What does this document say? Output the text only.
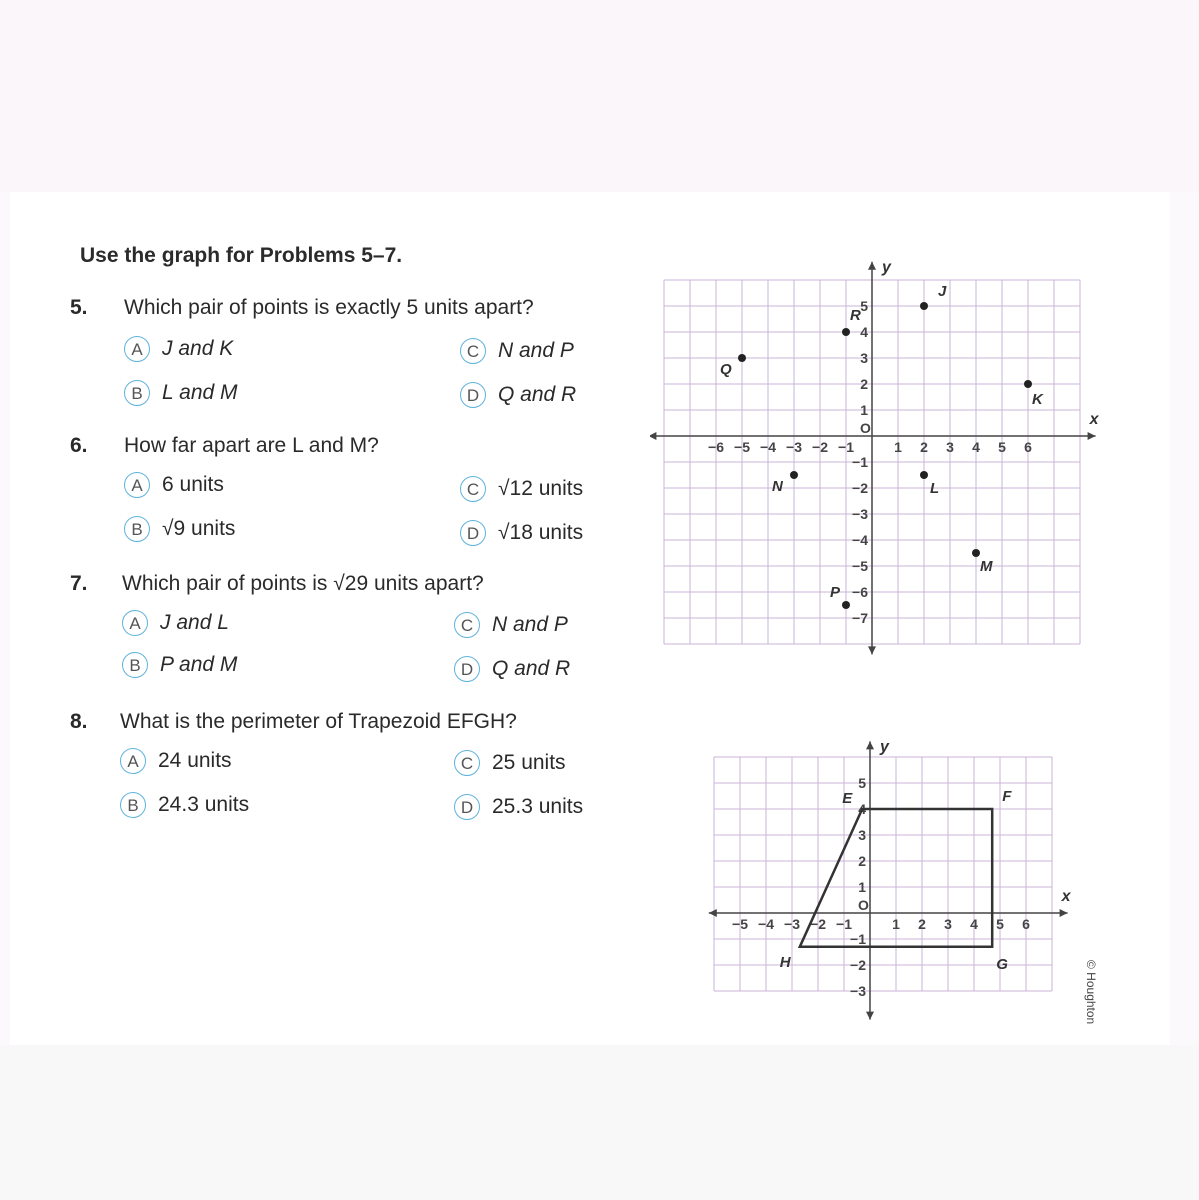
Use the graph for Problems 5–7.
5. Which pair of points is exactly 5 units apart?
A J and K
B L and M
C N and P
D Q and R
6. How far apart are L and M?
A 6 units
B √9 units
C √12 units
D √18 units
7. Which pair of points is √29 units apart?
A J and L
B P and M
C N and P
D Q and R
8. What is the perimeter of Trapezoid EFGH?
A 24 units
B 24.3 units
C 25 units
D 25.3 units
x
y
O
−6 −5 −4 −3 −2 −1	1 2 3 4 5 6
5
4
3
2
1
−1
−2
−3
−4
−5
−6
−7
J
R
Q
K
N	L
M
P
x
y
O
−5 −4 −3 −2 −1	1 2 3 4 5 6
5
4
3
2
1
−1
−2
−3
E	F
G
H	© Houghton
